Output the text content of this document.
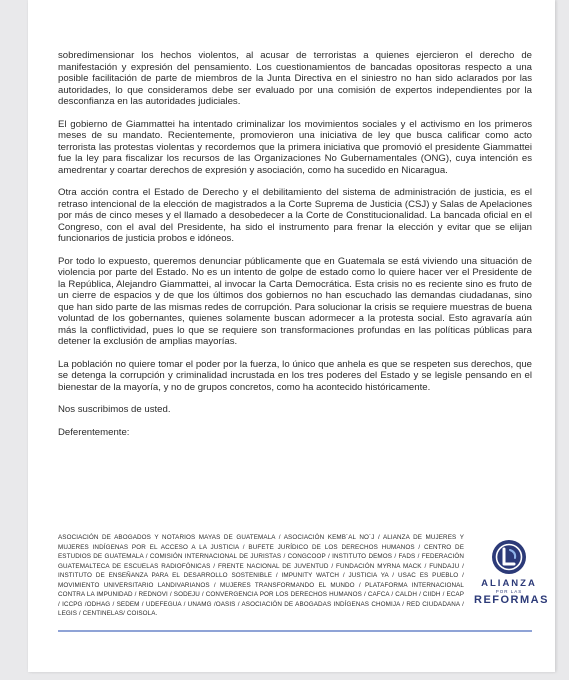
sobredimensionar los hechos violentos, al acusar de terroristas a quienes ejercieron el derecho de manifestación y expresión del pensamiento. Los cuestionamientos de bancadas opositoras respecto a una posible facilitación de parte de miembros de la Junta Directiva en el siniestro no han sido aclarados por las autoridades, lo que consideramos debe ser evaluado por una comisión de expertos independientes por la desconfianza en las autoridades judiciales.

El gobierno de Giammattei ha intentado criminalizar los movimientos sociales y el activismo en los primeros meses de su mandato. Recientemente, promovieron una iniciativa de ley que busca calificar como acto terrorista las protestas violentas y recordemos que la primera iniciativa que promovió el presidente Giammattei fue la ley para fiscalizar los recursos de las Organizaciones No Gubernamentales (ONG), cuya intención es amedrentar y coartar derechos de expresión y asociación, como ha sucedido en Nicaragua.

Otra acción contra el Estado de Derecho y el debilitamiento del sistema de administración de justicia, es el retraso intencional de la elección de magistrados a la Corte Suprema de Justicia (CSJ) y Salas de Apelaciones por más de cinco meses y el llamado a desobedecer a la Corte de Constitucionalidad. La bancada oficial en el Congreso, con el aval del Presidente, ha sido el instrumento para frenar la elección y evitar que se elijan funcionarios de justicia probos e idóneos.

Por todo lo expuesto, queremos denunciar públicamente que en Guatemala se está viviendo una situación de violencia por parte del Estado. No es un intento de golpe de estado como lo quiere hacer ver el Presidente de la República, Alejandro Giammattei, al invocar la Carta Democrática. Esta crisis no es reciente sino es fruto de un cierre de espacios y de que los últimos dos gobiernos no han escuchado las demandas ciudadanas, sino que han sido parte de las mismas redes de corrupción. Para solucionar la crisis se requiere muestras de buena voluntad de los gobernantes, quienes solamente buscan adormecer a la protesta social. Esto agravaría aún más la conflictividad, pues lo que se requiere son transformaciones profundas en las políticas públicas para detener la exclusión de amplias mayorías.

La población no quiere tomar el poder por la fuerza, lo único que anhela es que se respeten sus derechos, que se detenga la corrupción y criminalidad incrustada en los tres poderes del Estado y se legisle pensando en el bienestar de la mayoría, y no de grupos concretos, como ha acontecido históricamente.

Nos suscribimos de usted.

Deferentemente:

ASOCIACIÓN DE ABOGADOS Y NOTARIOS MAYAS DE GUATEMALA / ASOCIACIÓN KEMB´AL NO´J / ALIANZA DE MUJERES Y MUJERES INDÍGENAS POR EL ACCESO A LA JUSTICIA / BUFETE JURÍDICO DE LOS DERECHOS HUMANOS / CENTRO DE ESTUDIOS DE GUATEMALA / COMISIÓN INTERNACIONAL DE JURISTAS / CONGCOOP / INSTITUTO DEMOS / FADS / FEDERACIÓN GUATEMALTECA DE ESCUELAS RADIOFÓNICAS / FRENTE NACIONAL DE JUVENTUD / FUNDACIÓN MYRNA MACK / FUNDAJU / INSTITUTO DE ENSEÑANZA PARA EL DESARROLLO SOSTENIBLE / IMPUNITY WATCH / JUSTICIA YA / USAC ES PUEBLO / MOVIMIENTO UNIVERSITARIO LANDIVARIANOS / MUJERES TRANSFORMANDO EL MUNDO / PLATAFORMA INTERNACIONAL CONTRA LA IMPUNIDAD / REDNOVI / SODEJU / CONVERGENCIA POR LOS DERECHOS HUMANOS / CAFCA / CALDH / CIIDH / ECAP / ICCPG /ODHAG / SEDEM / UDEFEGUA / UNAMG /OASIS / ASOCIACIÓN DE ABOGADAS INDÍGENAS CHOMIJA / RED CIUDADANA / LEGIS / CENTINELAS/ COISOLA.
ALIANZA
POR LAS
REFORMAS
